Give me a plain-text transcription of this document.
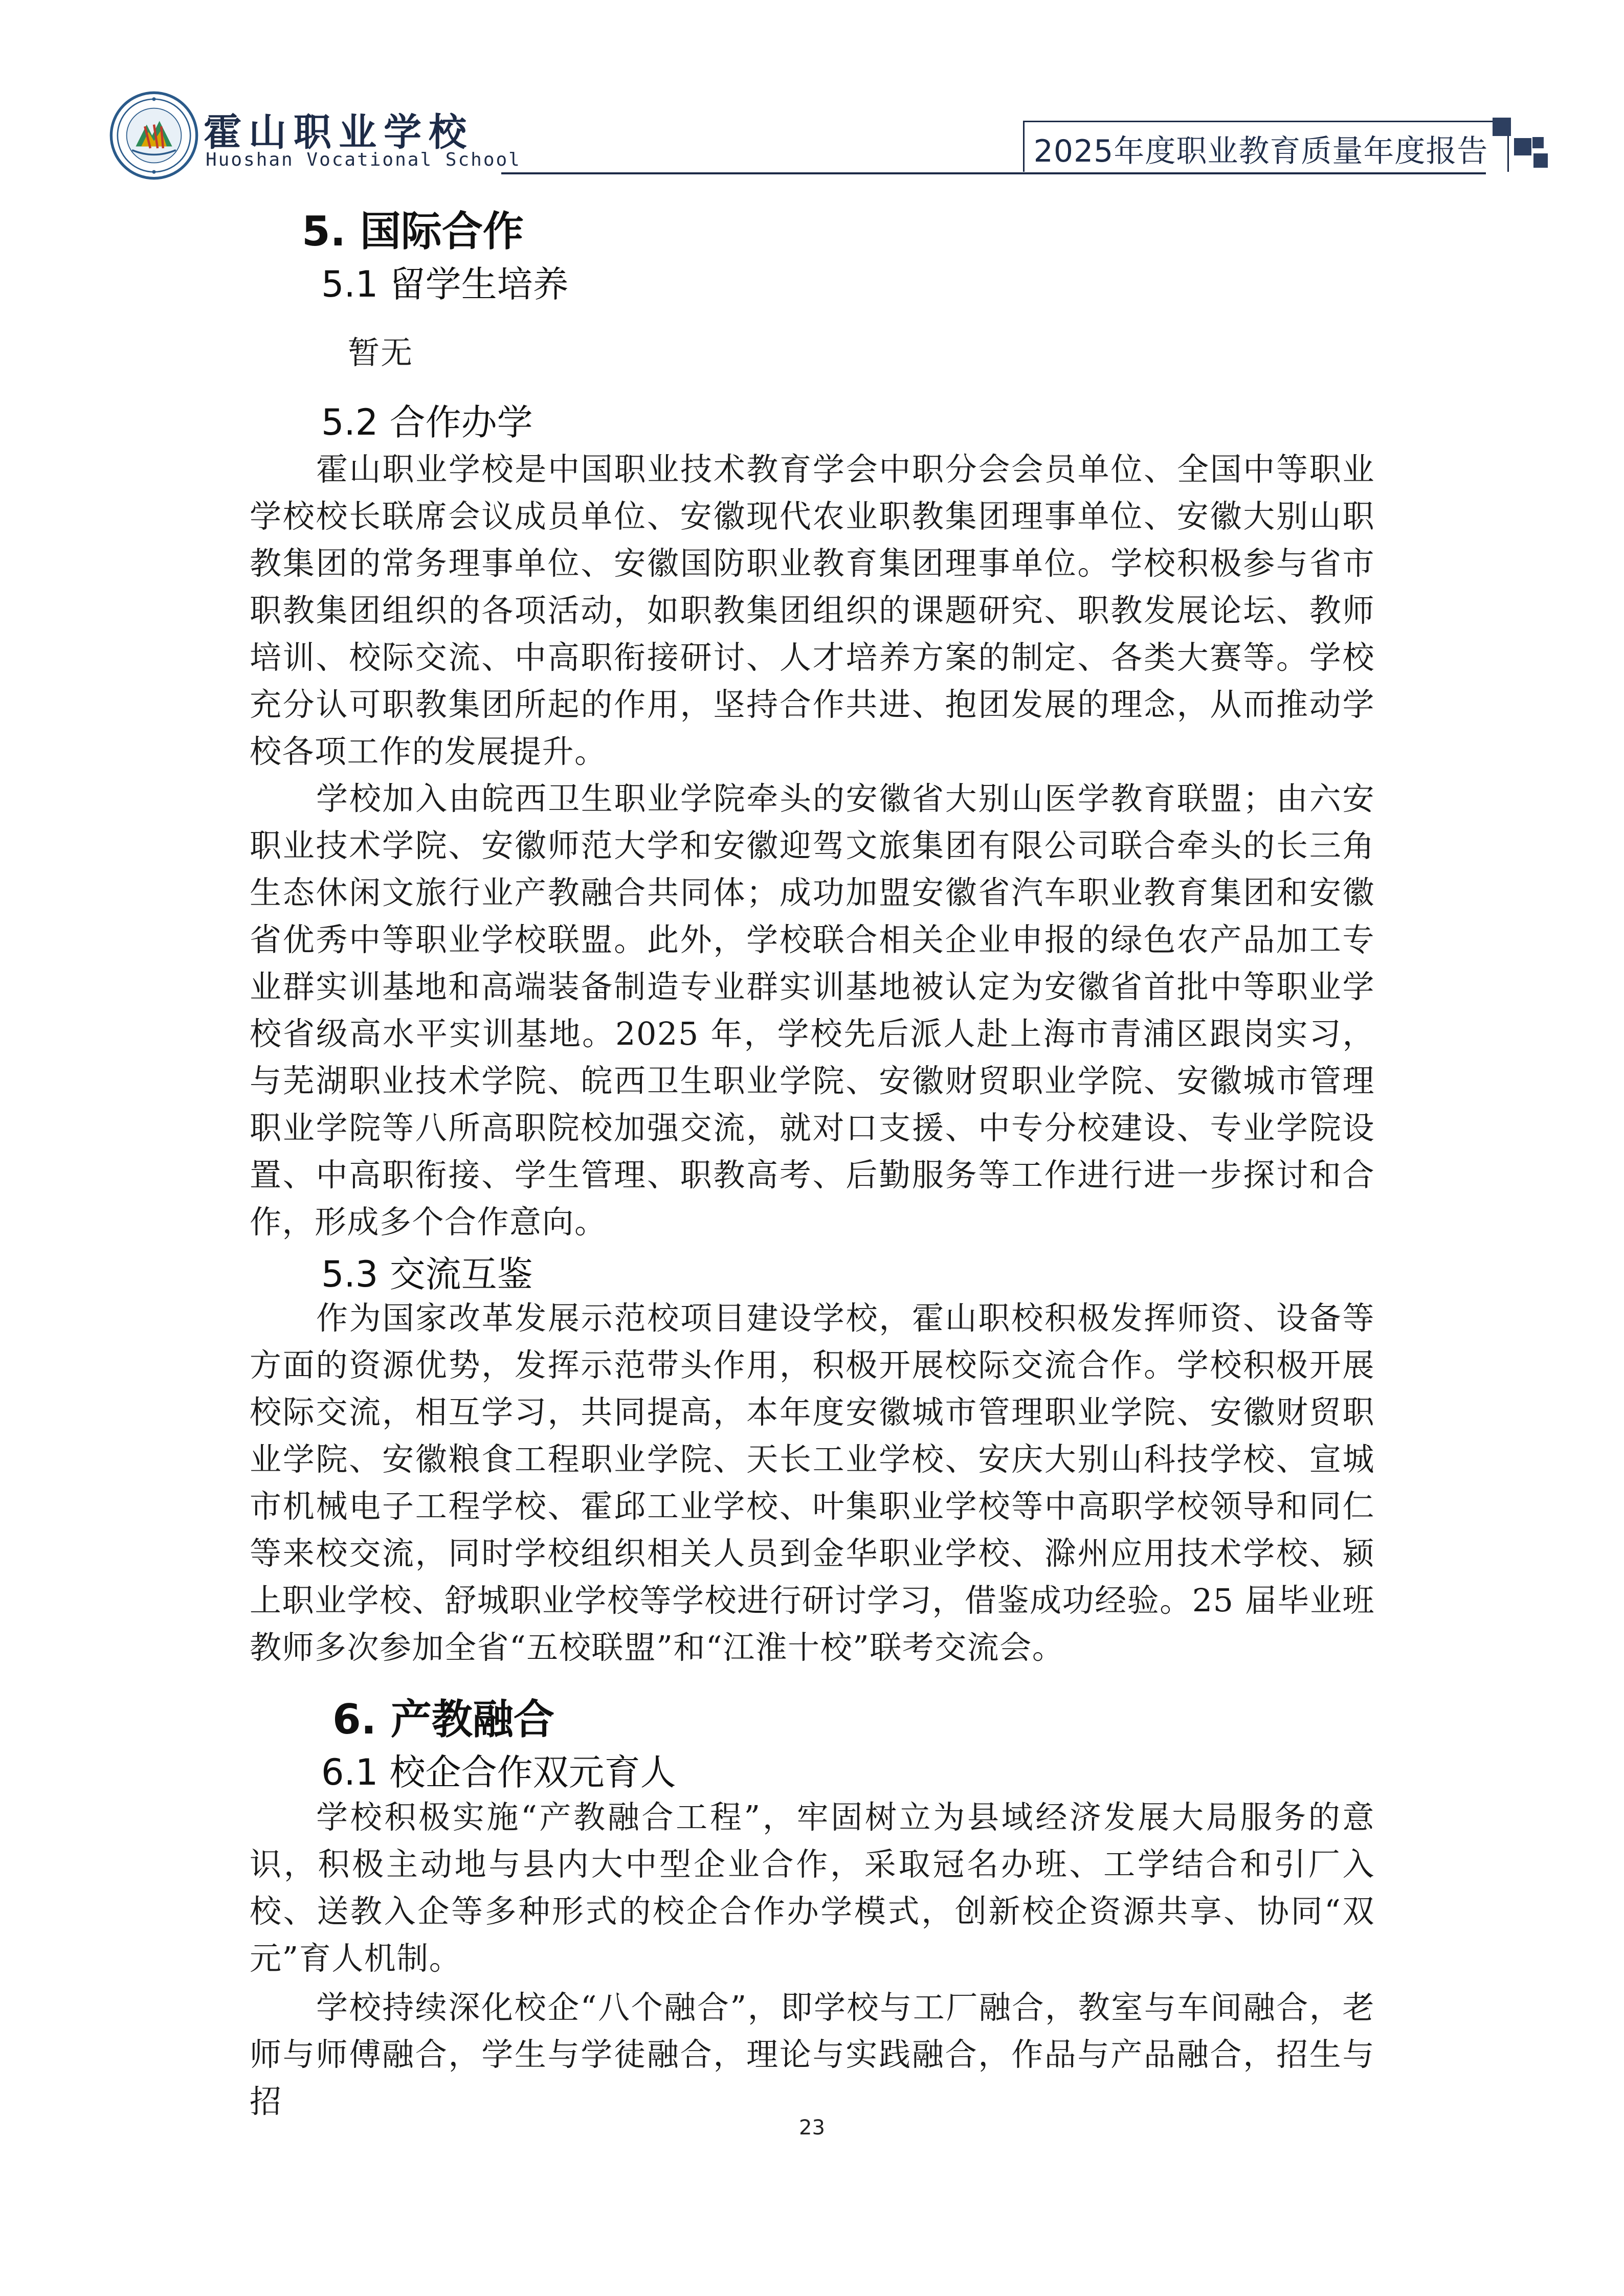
霍山职业学校
Huoshan Vocational School	2025年度职业教育质量年度报告
5. 国际合作
5.1 留学生培养
暂无
5.2 合作办学
霍山职业学校是中国职业技术教育学会中职分会会员单位、全国中等职业学校校长联席会议成员单位、安徽现代农业职教集团理事单位、安徽大别山职教集团的常务理事单位、安徽国防职业教育集团理事单位。学校积极参与省市职教集团组织的各项活动，如职教集团组织的课题研究、职教发展论坛、教师培训、校际交流、中高职衔接研讨、人才培养方案的制定、各类大赛等。学校充分认可职教集团所起的作用，坚持合作共进、抱团发展的理念，从而推动学校各项工作的发展提升。
学校加入由皖西卫生职业学院牵头的安徽省大别山医学教育联盟；由六安职业技术学院、安徽师范大学和安徽迎驾文旅集团有限公司联合牵头的长三角生态休闲文旅行业产教融合共同体；成功加盟安徽省汽车职业教育集团和安徽省优秀中等职业学校联盟。此外，学校联合相关企业申报的绿色农产品加工专业群实训基地和高端装备制造专业群实训基地被认定为安徽省首批中等职业学校省级高水平实训基地。2025 年，学校先后派人赴上海市青浦区跟岗实习，与芜湖职业技术学院、皖西卫生职业学院、安徽财贸职业学院、安徽城市管理职业学院等八所高职院校加强交流，就对口支援、中专分校建设、专业学院设置、中高职衔接、学生管理、职教高考、后勤服务等工作进行进一步探讨和合作，形成多个合作意向。
5.3 交流互鉴
作为国家改革发展示范校项目建设学校，霍山职校积极发挥师资、设备等方面的资源优势，发挥示范带头作用，积极开展校际交流合作。学校积极开展校际交流，相互学习，共同提高，本年度安徽城市管理职业学院、安徽财贸职业学院、安徽粮食工程职业学院、天长工业学校、安庆大别山科技学校、宣城市机械电子工程学校、霍邱工业学校、叶集职业学校等中高职学校领导和同仁等来校交流，同时学校组织相关人员到金华职业学校、滁州应用技术学校、颍上职业学校、舒城职业学校等学校进行研讨学习，借鉴成功经验。25 届毕业班教师多次参加全省“五校联盟”和“江淮十校”联考交流会。
6. 产教融合
6.1 校企合作双元育人
学校积极实施“产教融合工程”，牢固树立为县域经济发展大局服务的意识，积极主动地与县内大中型企业合作，采取冠名办班、工学结合和引厂入校、送教入企等多种形式的校企合作办学模式，创新校企资源共享、协同“双元”育人机制。
学校持续深化校企“八个融合”，即学校与工厂融合，教室与车间融合，老师与师傅融合，学生与学徒融合，理论与实践融合，作品与产品融合，招生与招
23
